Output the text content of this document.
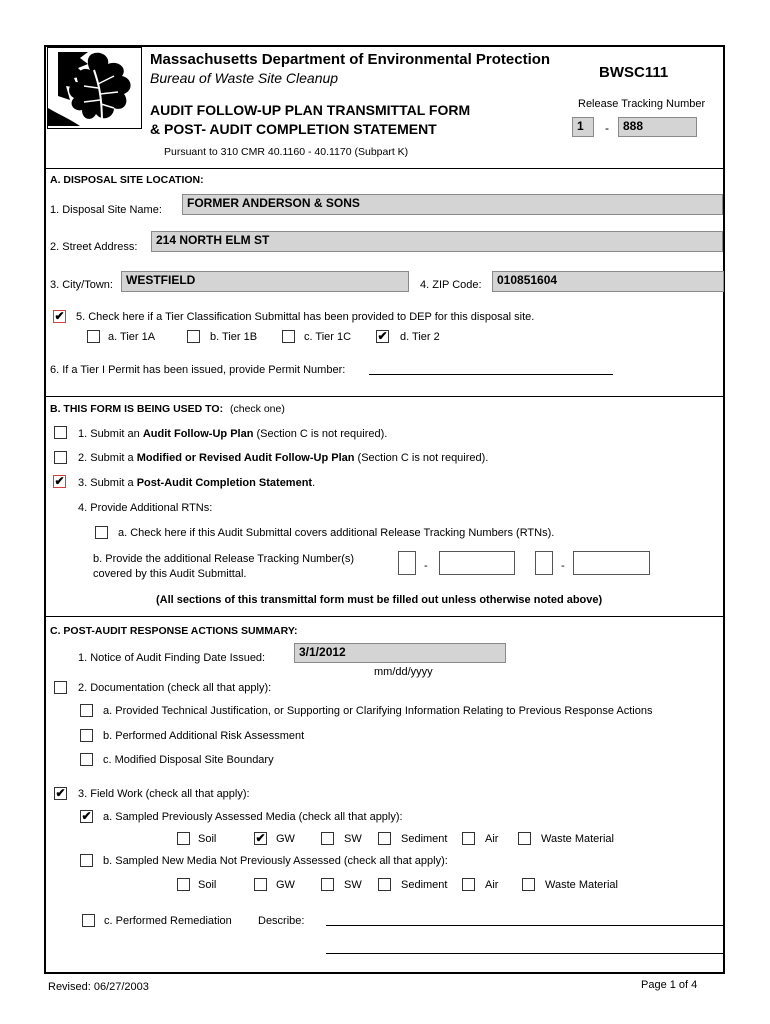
Massachusetts Department of Environmental Protection
Bureau of Waste Site Cleanup	BWSC111
AUDIT FOLLOW-UP PLAN TRANSMITTAL FORM
& POST- AUDIT COMPLETION STATEMENT
Release Tracking Number
1	-	888
Pursuant to 310 CMR 40.1160 - 40.1170 (Subpart K)
A. DISPOSAL SITE LOCATION:
1. Disposal Site Name:	FORMER ANDERSON & SONS
2. Street Address:	214 NORTH ELM ST
3. City/Town:	WESTFIELD	4. ZIP Code:	010851604
✔ 5. Check here if a Tier Classification Submittal has been provided to DEP for this disposal site.
a. Tier 1A	b. Tier 1B	c. Tier 1C ✔ d. Tier 2
6. If a Tier I Permit has been issued, provide Permit Number:
B. THIS FORM IS BEING USED TO: (check one)
1. Submit an Audit Follow-Up Plan (Section C is not required).
2. Submit a Modified or Revised Audit Follow-Up Plan (Section C is not required).
✔ 3. Submit a Post-Audit Completion Statement.
4. Provide Additional RTNs:
a. Check here if this Audit Submittal covers additional Release Tracking Numbers (RTNs).
b. Provide the additional Release Tracking Number(s)
covered by this Audit Submittal.
-	-
(All sections of this transmittal form must be filled out unless otherwise noted above)
C. POST-AUDIT RESPONSE ACTIONS SUMMARY:
1. Notice of Audit Finding Date Issued:	3/1/2012
mm/dd/yyyy
2. Documentation (check all that apply):
a. Provided Technical Justification, or Supporting or Clarifying Information Relating to Previous Response Actions
b. Performed Additional Risk Assessment
c. Modified Disposal Site Boundary
✔ 3. Field Work (check all that apply):
✔ a. Sampled Previously Assessed Media (check all that apply):
Soil	✔ GW	SW	Sediment	Air	Waste Material
b. Sampled New Media Not Previously Assessed (check all that apply):
Soil	GW	SW	Sediment	Air	Waste Material
c. Performed Remediation Describe:
Revised: 06/27/2003	Page 1 of 4
